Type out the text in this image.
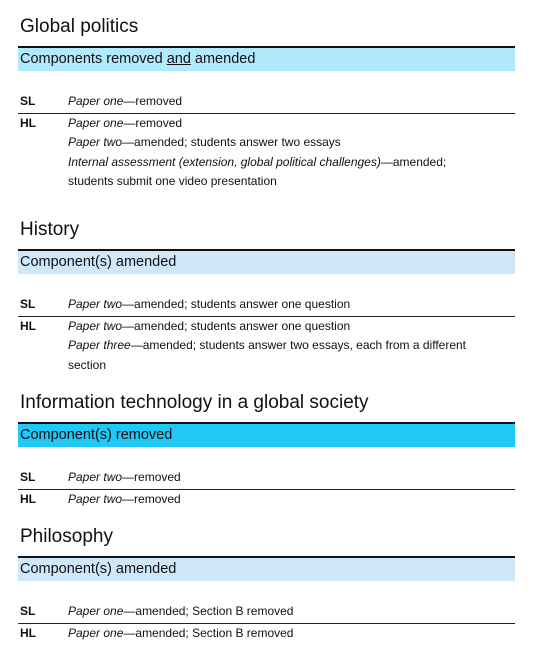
Global politics
Components removed and amended
SL	Paper one—removed
HL	Paper one—removed
Paper two—amended; students answer two essays
Internal assessment (extension, global political challenges)—amended;
students submit one video presentation
History
Component(s) amended
SL	Paper two—amended; students answer one question
HL	Paper two—amended; students answer one question
Paper three—amended; students answer two essays, each from a different section
Information technology in a global society
Component(s) removed
SL	Paper two—removed
HL	Paper two—removed
Philosophy
Component(s) amended
SL	Paper one—amended; Section B removed
HL	Paper one—amended; Section B removed
